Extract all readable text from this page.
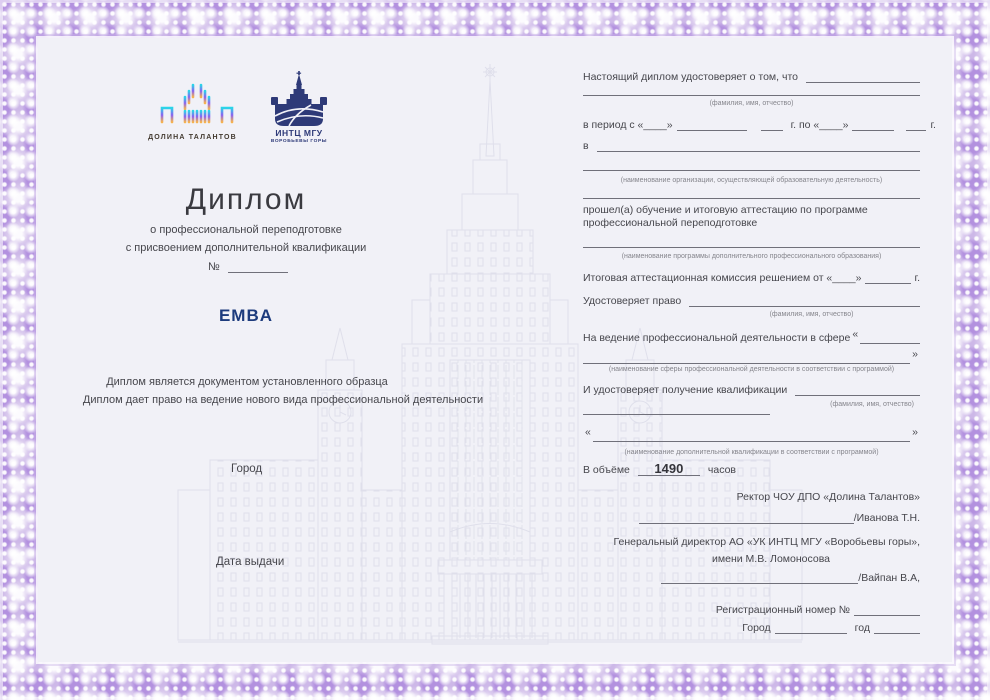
ДОЛИНА ТАЛАНТОВ	ИНТЦ МГУ
ВОРОБЬЕВЫ ГОРЫ
Диплом
о профессиональной переподготовке
с присвоением дополнительной квалификации
№
EMBA
Диплом является документом установленного образца
Диплом дает право на ведение нового вида профессиональной деятельности
Город
Дата выдачи
Настоящий диплом удостоверяет о том, что
(фамилия, имя, отчество)
в период с «____»	г. по «____»	г.
в
(наименование организации, осуществляющей образовательную деятельность)
прошел(а) обучение и итоговую аттестацию по программе
профессиональной переподготовке
(наименование программы дополнительного профессионального образования)
Итоговая аттестационная комиссия решением от «____»	г.
Удостоверяет право
(фамилия, имя, отчество)
На ведение профессиональной деятельности в сфере «
»
(наименование сферы профессиональной деятельности в соответствии с программой)
И удостоверяет получение квалификации
(фамилия, имя, отчество)
«	»
(наименование дополнительной квалификации в соответствии с программой)
В объёме 1490 часов
Ректор ЧОУ ДПО «Долина Талантов»
/Иванова Т.Н.
Генеральный директор АО «УК ИНТЦ МГУ «Воробьевы горы»,
имени М.В. Ломоносова
/Вайпан В.А,
Регистрационный номер №
Город	год
